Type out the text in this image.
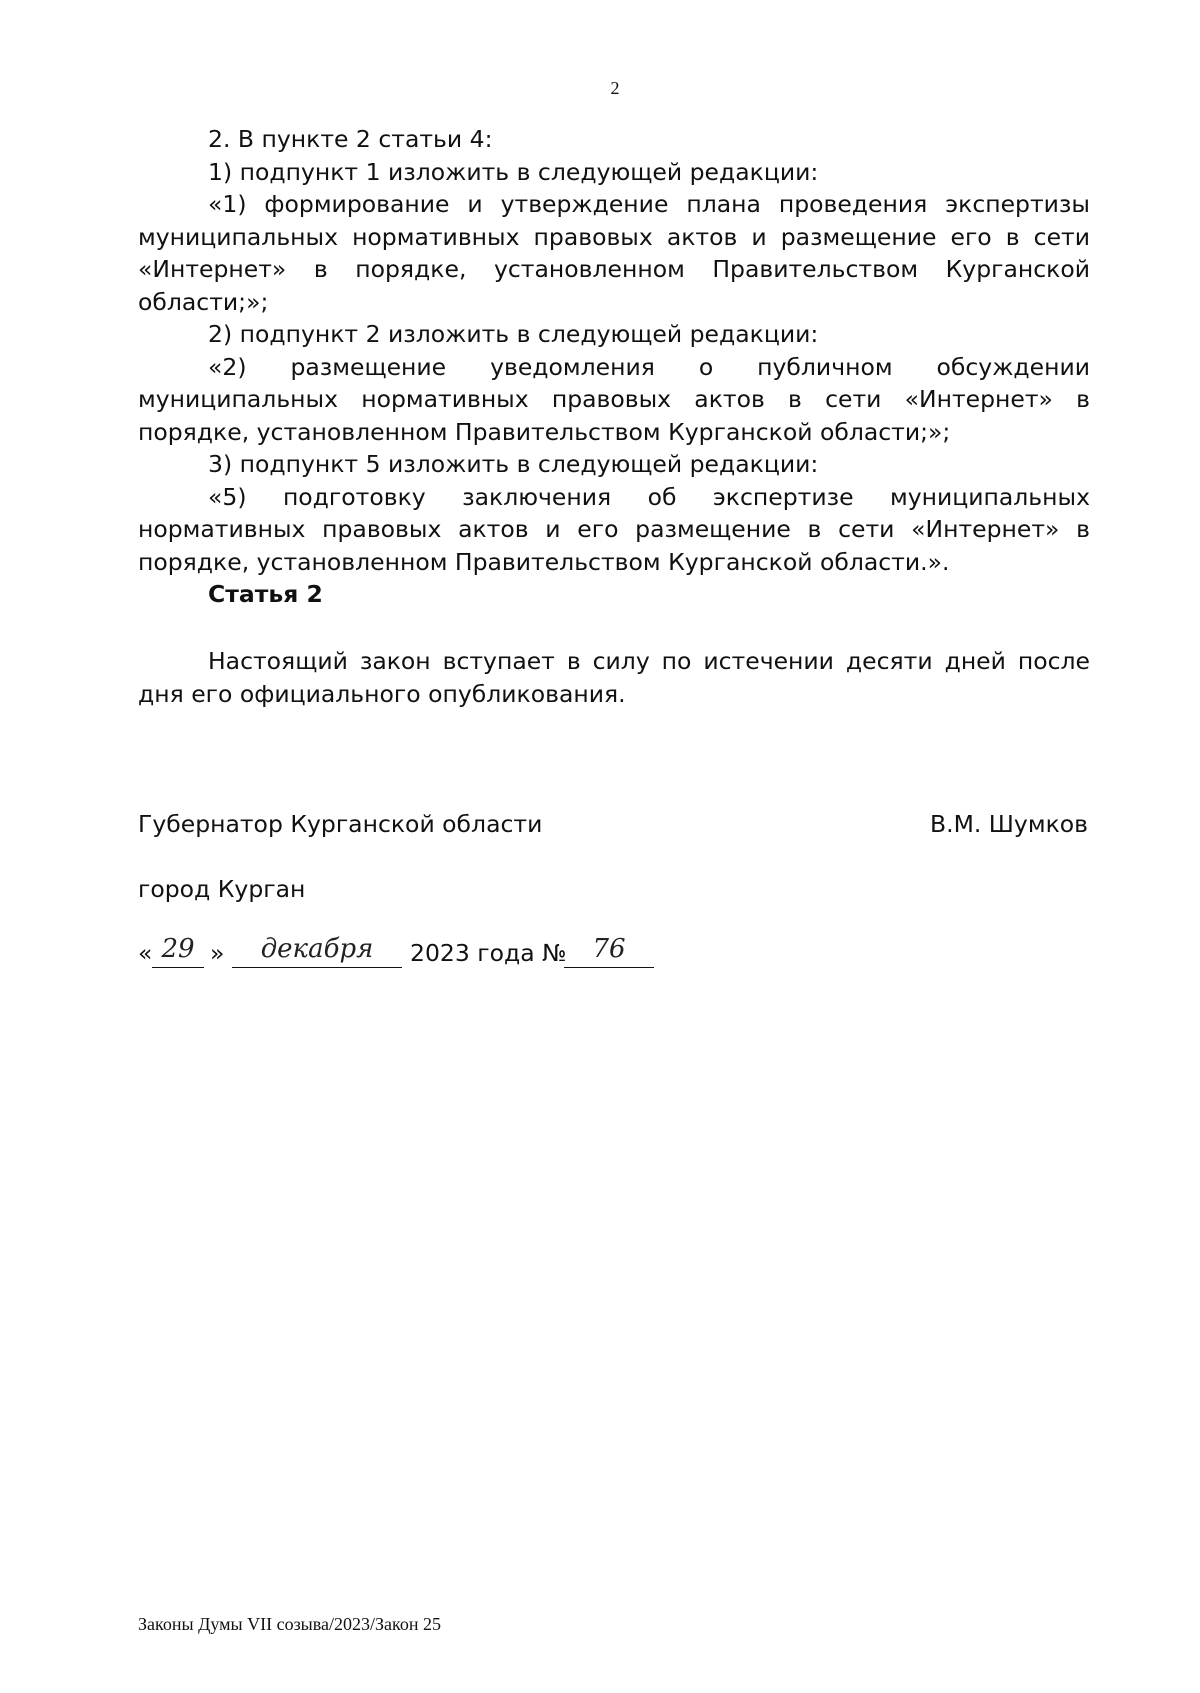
2

2. В пункте 2 статьи 4:

1) подпункт 1 изложить в следующей редакции:

«1) формирование и утверждение плана проведения экспертизы муниципальных нормативных правовых актов и размещение его в сети «Интернет» в порядке, установленном Правительством Курганской области;»;

2) подпункт 2 изложить в следующей редакции:

«2) размещение уведомления о публичном обсуждении муниципальных нормативных правовых актов в сети «Интернет» в порядке, установленном Правительством Курганской области;»;

3) подпункт 5 изложить в следующей редакции:

«5) подготовку заключения об экспертизе муниципальных нормативных правовых актов и его размещение в сети «Интернет» в порядке, установленном Правительством Курганской области.».

Статья 2

Настоящий закон вступает в силу по истечении десяти дней после дня его официального опубликования.

Губернатор Курганской области	В.М. Шумков
город Курган
« 29 »	декабря	2023 года № 76
Законы Думы VII созыва/2023/Закон 25
